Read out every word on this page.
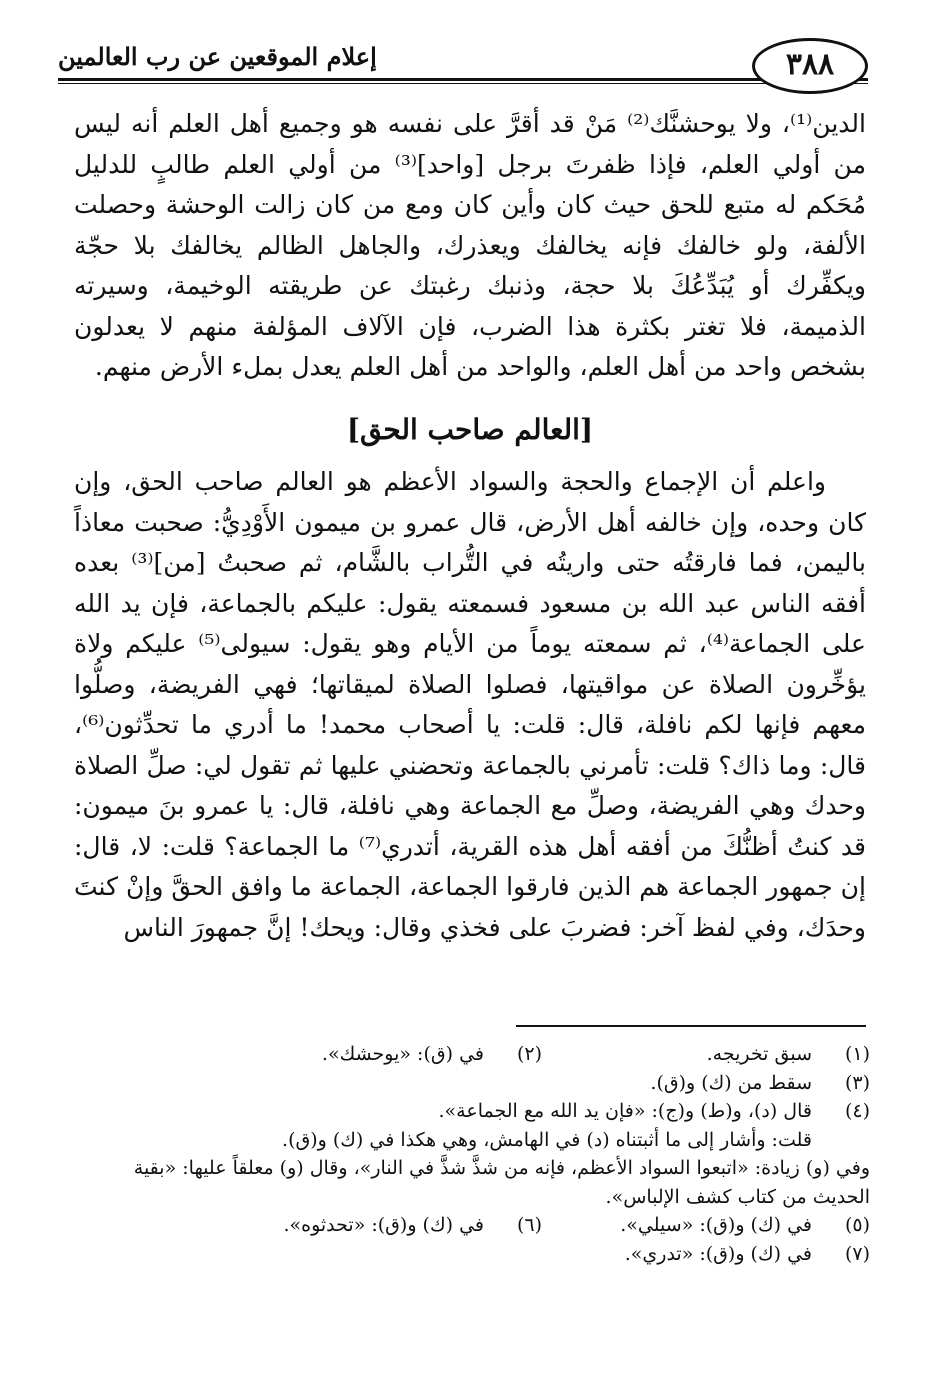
إعلام الموقعين عن رب العالمين	٣٨٨

الدين⁽¹⁾، ولا يوحشنَّك⁽²⁾ مَنْ قد أقرَّ على نفسه هو وجميع أهل العلم أنه ليس من أولي العلم، فإذا ظفرتَ برجل [واحد]⁽³⁾ من أولي العلم طالبٍ للدليل مُحَكم له متبع للحق حيث كان وأين كان ومع من كان زالت الوحشة وحصلت الألفة، ولو خالفك فإنه يخالفك ويعذرك، والجاهل الظالم يخالفك بلا حجّة ويكفِّرك أو يُبَدِّعُكَ بلا حجة، وذنبك رغبتك عن طريقته الوخيمة، وسيرته الذميمة، فلا تغتر بكثرة هذا الضرب، فإن الآلاف المؤلفة منهم لا يعدلون بشخص واحد من أهل العلم، والواحد من أهل العلم يعدل بملء الأرض منهم.

[العالم صاحب الحق]

واعلم أن الإجماع والحجة والسواد الأعظم هو العالم صاحب الحق، وإن كان وحده، وإن خالفه أهل الأرض، قال عمرو بن ميمون الأَوْدِيُّ: صحبت معاذاً باليمن، فما فارقتُه حتى واريتُه في التُّراب بالشَّام، ثم صحبتُ [من]⁽³⁾ بعده أفقه الناس عبد الله بن مسعود فسمعته يقول: عليكم بالجماعة، فإن يد الله على الجماعة⁽⁴⁾، ثم سمعته يوماً من الأيام وهو يقول: سيولى⁽⁵⁾ عليكم ولاة يؤخِّرون الصلاة عن مواقيتها، فصلوا الصلاة لميقاتها؛ فهي الفريضة، وصلُّوا معهم فإنها لكم نافلة، قال: قلت: يا أصحاب محمد! ما أدري ما تحدِّثون⁽⁶⁾، قال: وما ذاك؟ قلت: تأمرني بالجماعة وتحضني عليها ثم تقول لي: صلِّ الصلاة وحدك وهي الفريضة، وصلِّ مع الجماعة وهي نافلة، قال: يا عمرو بنَ ميمون: قد كنتُ أظنُّكَ من أفقه أهل هذه القرية، أتدري⁽⁷⁾ ما الجماعة؟ قلت: لا، قال: إن جمهور الجماعة هم الذين فارقوا الجماعة، الجماعة ما وافق الحقَّ وإنْ كنتَ وحدَك، وفي لفظ آخر: فضربَ على فخذي وقال: ويحك! إنَّ جمهورَ الناس

(١)
سبق تخريجه.
(٢)
في (ق): «يوحشك».
(٣)
سقط من (ك) و(ق).
(٤)
قال (د)، و(ط) و(ج): «فإن يد الله مع الجماعة».
قلت: وأشار إلى ما أثبتناه (د) في الهامش، وهي هكذا في (ك) و(ق).
وفي (و) زيادة: «اتبعوا السواد الأعظم، فإنه من شذَّ شذَّ في النار»، وقال (و) معلقاً عليها: «بقية الحديث من كتاب كشف الإلباس».
(٥)
في (ك) و(ق): «سيلي».
(٦)
في (ك) و(ق): «تحدثوه».
(٧)
في (ك) و(ق): «تدري».
